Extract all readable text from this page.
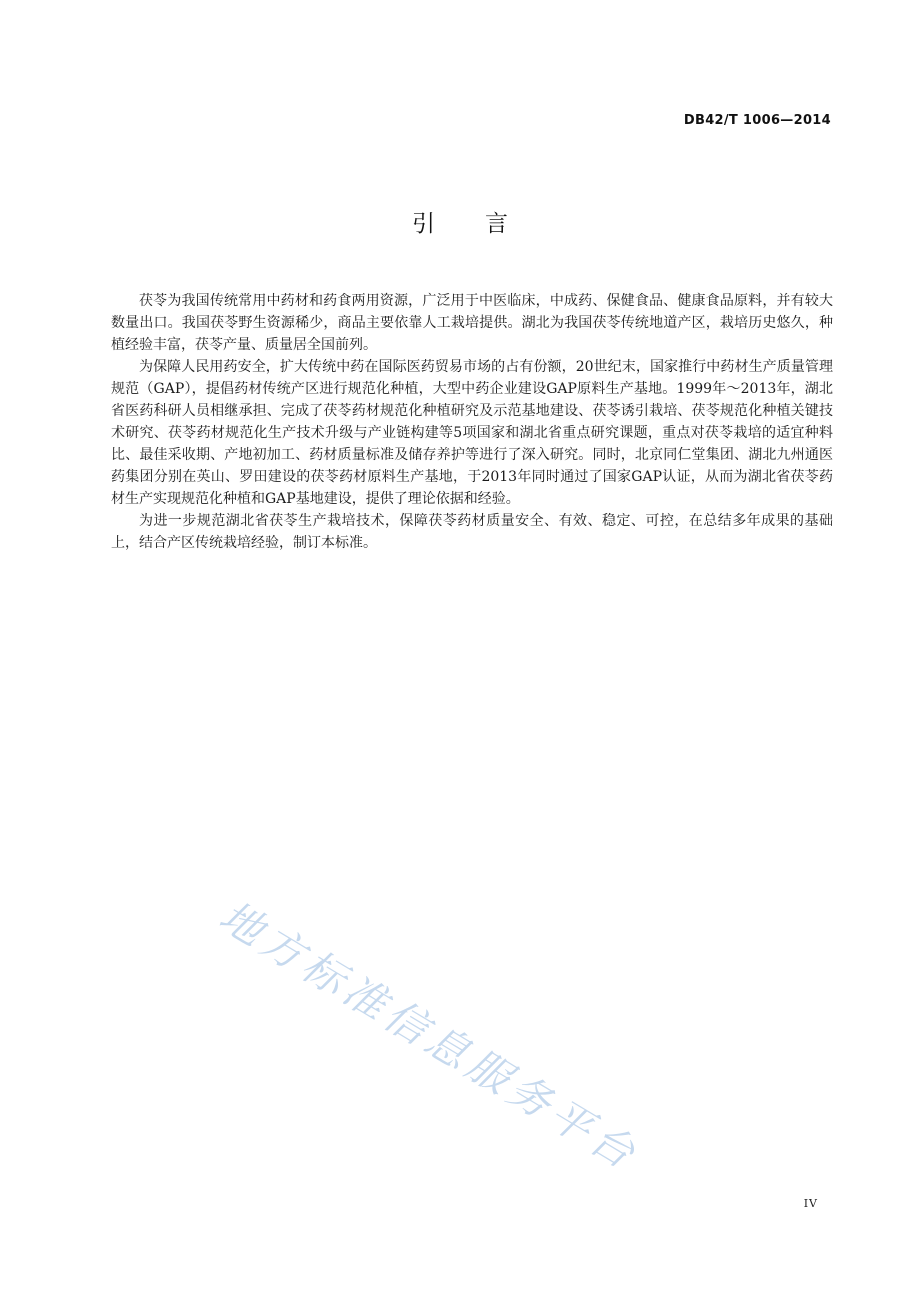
DB42/T 1006—2014
引言

茯苓为我国传统常用中药材和药食两用资源，广泛用于中医临床，中成药、保健食品、健康食品原料，并有较大数量出口。我国茯苓野生资源稀少，商品主要依靠人工栽培提供。湖北为我国茯苓传统地道产区，栽培历史悠久，种植经验丰富，茯苓产量、质量居全国前列。

为保障人民用药安全，扩大传统中药在国际医药贸易市场的占有份额，20世纪末，国家推行中药材生产质量管理规范（GAP），提倡药材传统产区进行规范化种植，大型中药企业建设GAP原料生产基地。1999年～2013年，湖北省医药科研人员相继承担、完成了茯苓药材规范化种植研究及示范基地建设、茯苓诱引栽培、茯苓规范化种植关键技术研究、茯苓药材规范化生产技术升级与产业链构建等5项国家和湖北省重点研究课题，重点对茯苓栽培的适宜种料比、最佳采收期、产地初加工、药材质量标准及储存养护等进行了深入研究。同时，北京同仁堂集团、湖北九州通医药集团分别在英山、罗田建设的茯苓药材原料生产基地，于2013年同时通过了国家GAP认证，从而为湖北省茯苓药材生产实现规范化种植和GAP基地建设，提供了理论依据和经验。

为进一步规范湖北省茯苓生产栽培技术，保障茯苓药材质量安全、有效、稳定、可控，在总结多年成果的基础上，结合产区传统栽培经验，制订本标准。

地方标准信息服务平台
IV
